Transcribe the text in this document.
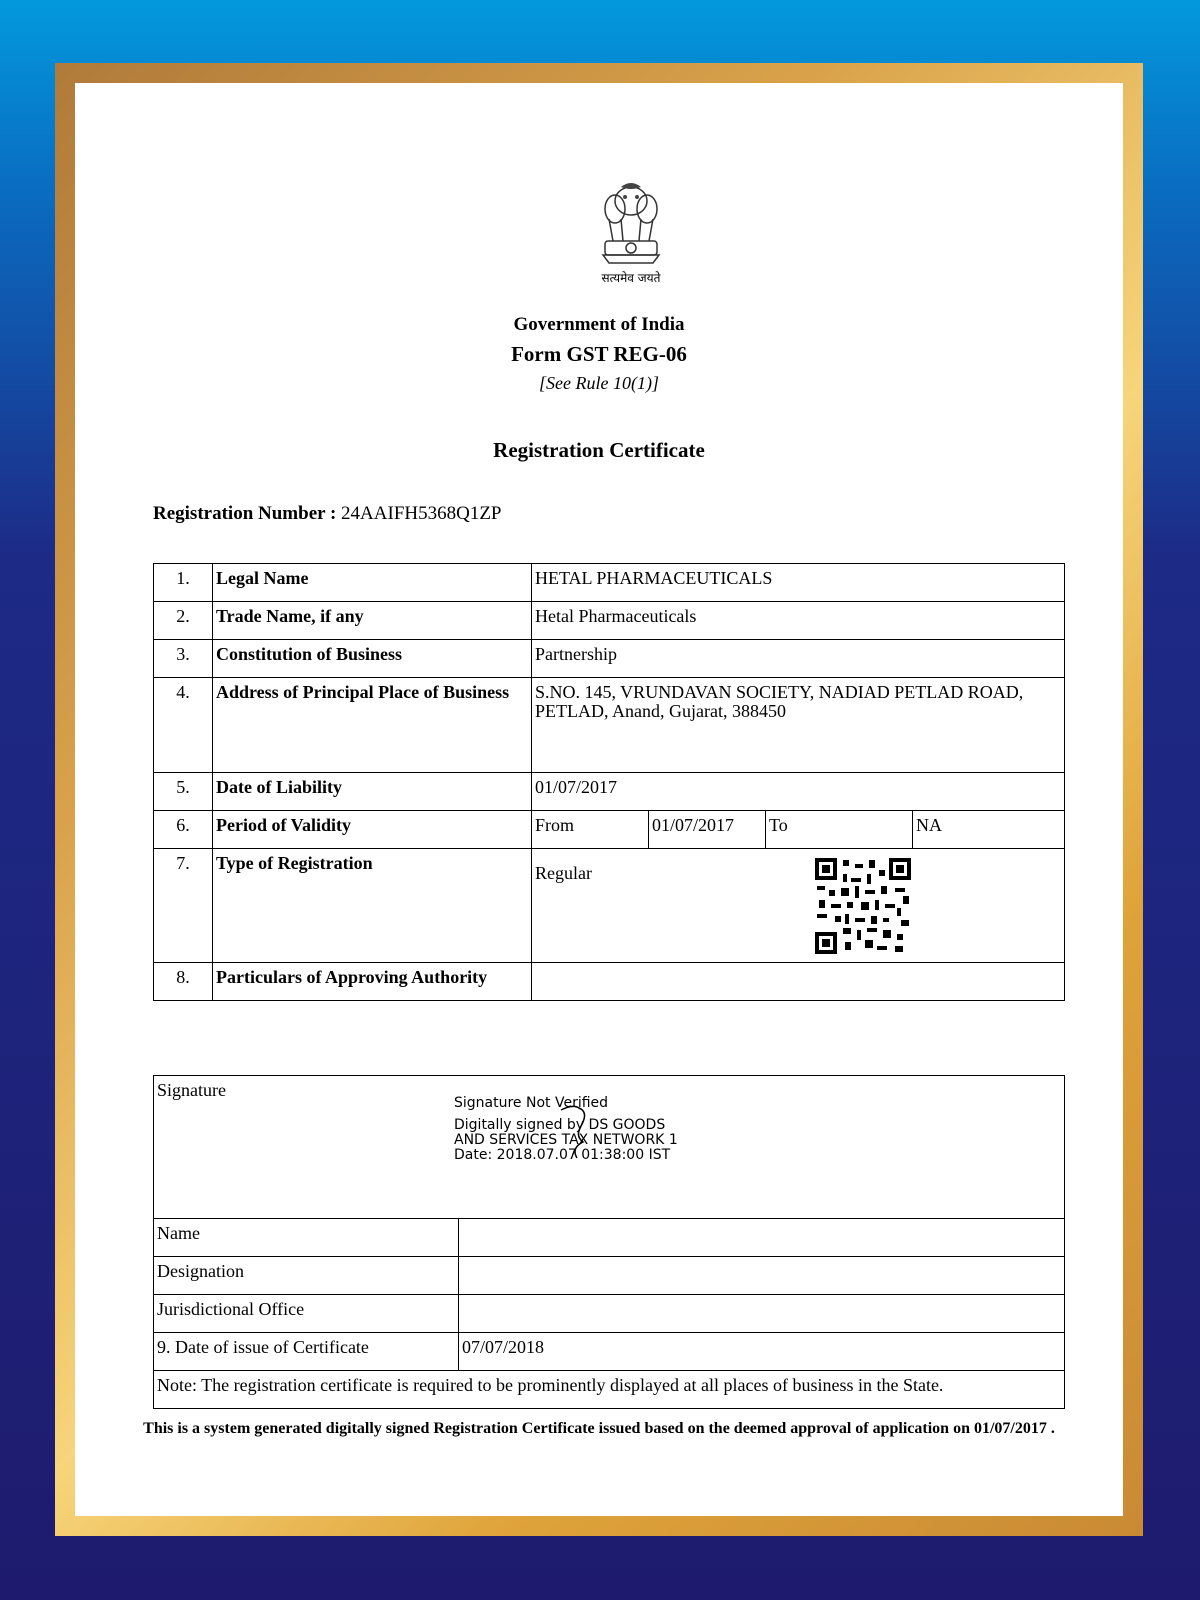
सत्यमेव जयते
Government of India
Form GST REG-06
[See Rule 10(1)]
Registration Certificate
Registration Number : 24AAIFH5368Q1ZP
1.	Legal Name	HETAL PHARMACEUTICALS			
2.	Trade Name, if any	Hetal Pharmaceuticals			
3.	Constitution of Business	Partnership			
4.	Address of Principal Place of Business	S.NO. 145, VRUNDAVAN SOCIETY, NADIAD PETLAD ROAD, PETLAD, Anand, Gujarat, 388450			
5.	Date of Liability	01/07/2017			
6.	Period of Validity	From	01/07/2017	To	NA
7.	Type of Registration	Regular			

8.	Particulars of Approving Authority				
Signature
Signature Not Verified
Digitally signed by DS GOODS
AND SERVICES TAX NETWORK 1
Date: 2018.07.07 01:38:00 IST	

Name	
Designation	
Jurisdictional Office	
9. Date of issue of Certificate	07/07/2018
Note: The registration certificate is required to be prominently displayed at all places of business in the State.	
This is a system generated digitally signed Registration Certificate issued based on the deemed approval of application on 01/07/2017 .
